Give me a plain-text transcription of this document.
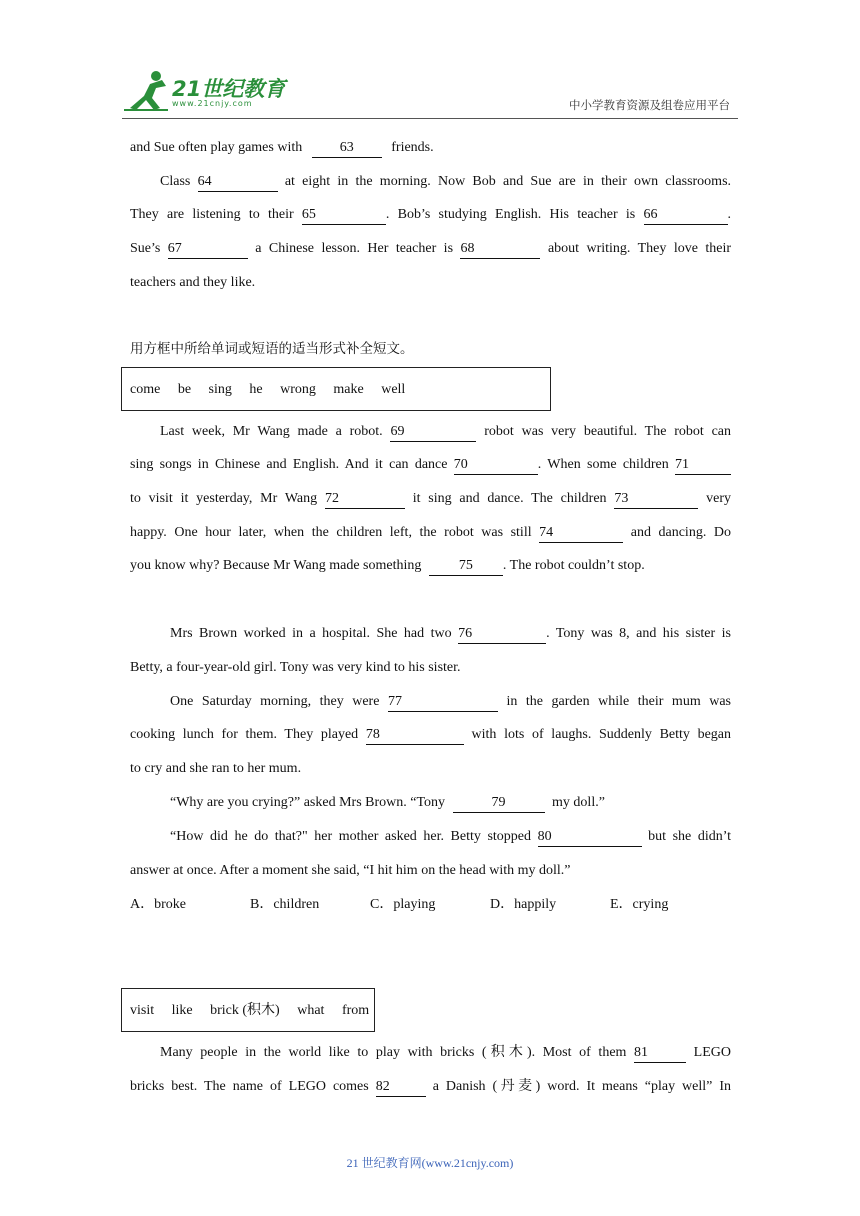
21世纪教育
www.21cnjy.com	中小学教育资源及组卷应用平台
and Sue often play games with	63	friends.
Class 64	at eight in the morning. Now Bob and Sue are in their own classrooms.
They are listening to their 65	. Bob’s studying English. His teacher is 66	.
Sue’s 67	a Chinese lesson. Her teacher is 68	about writing. They love their
teachers and they like.
用方框中所给单词或短语的适当形式补全短文。
come be sing he wrong make well
Last week, Mr Wang made a robot. 69	robot was very beautiful. The robot can
sing songs in Chinese and English. And it can dance 70	. When some children 71
to visit it yesterday, Mr Wang 72	it sing and dance. The children 73	very
happy. One hour later, when the children left, the robot was still 74	and dancing. Do
you know why? Because Mr Wang made something	75 . The robot couldn’t stop.
Mrs Brown worked in a hospital. She had two 76	. Tony was 8, and his sister is
Betty, a four-year-old girl. Tony was very kind to his sister.
One Saturday morning, they were 77	in the garden while their mum was
cooking lunch for them. They played 78	with lots of laughs. Suddenly Betty began
to cry and she ran to her mum.
“Why are you crying?” asked Mrs Brown. “Tony	79	my doll.”
“How did he do that?" her mother asked her. Betty stopped 80	but she didn’t
answer at once. After a moment she said, “I hit him on the head with my doll.”
A．broke	B．children	C．playing	D．happily	E．crying
visit like brick (积木) what from
Many people in the world like to play with bricks (积木). Most of them 81	LEGO
bricks best. The name of LEGO comes 82	a Danish (丹麦) word. It means “play well” In
21 世纪教育网(www.21cnjy.com)
